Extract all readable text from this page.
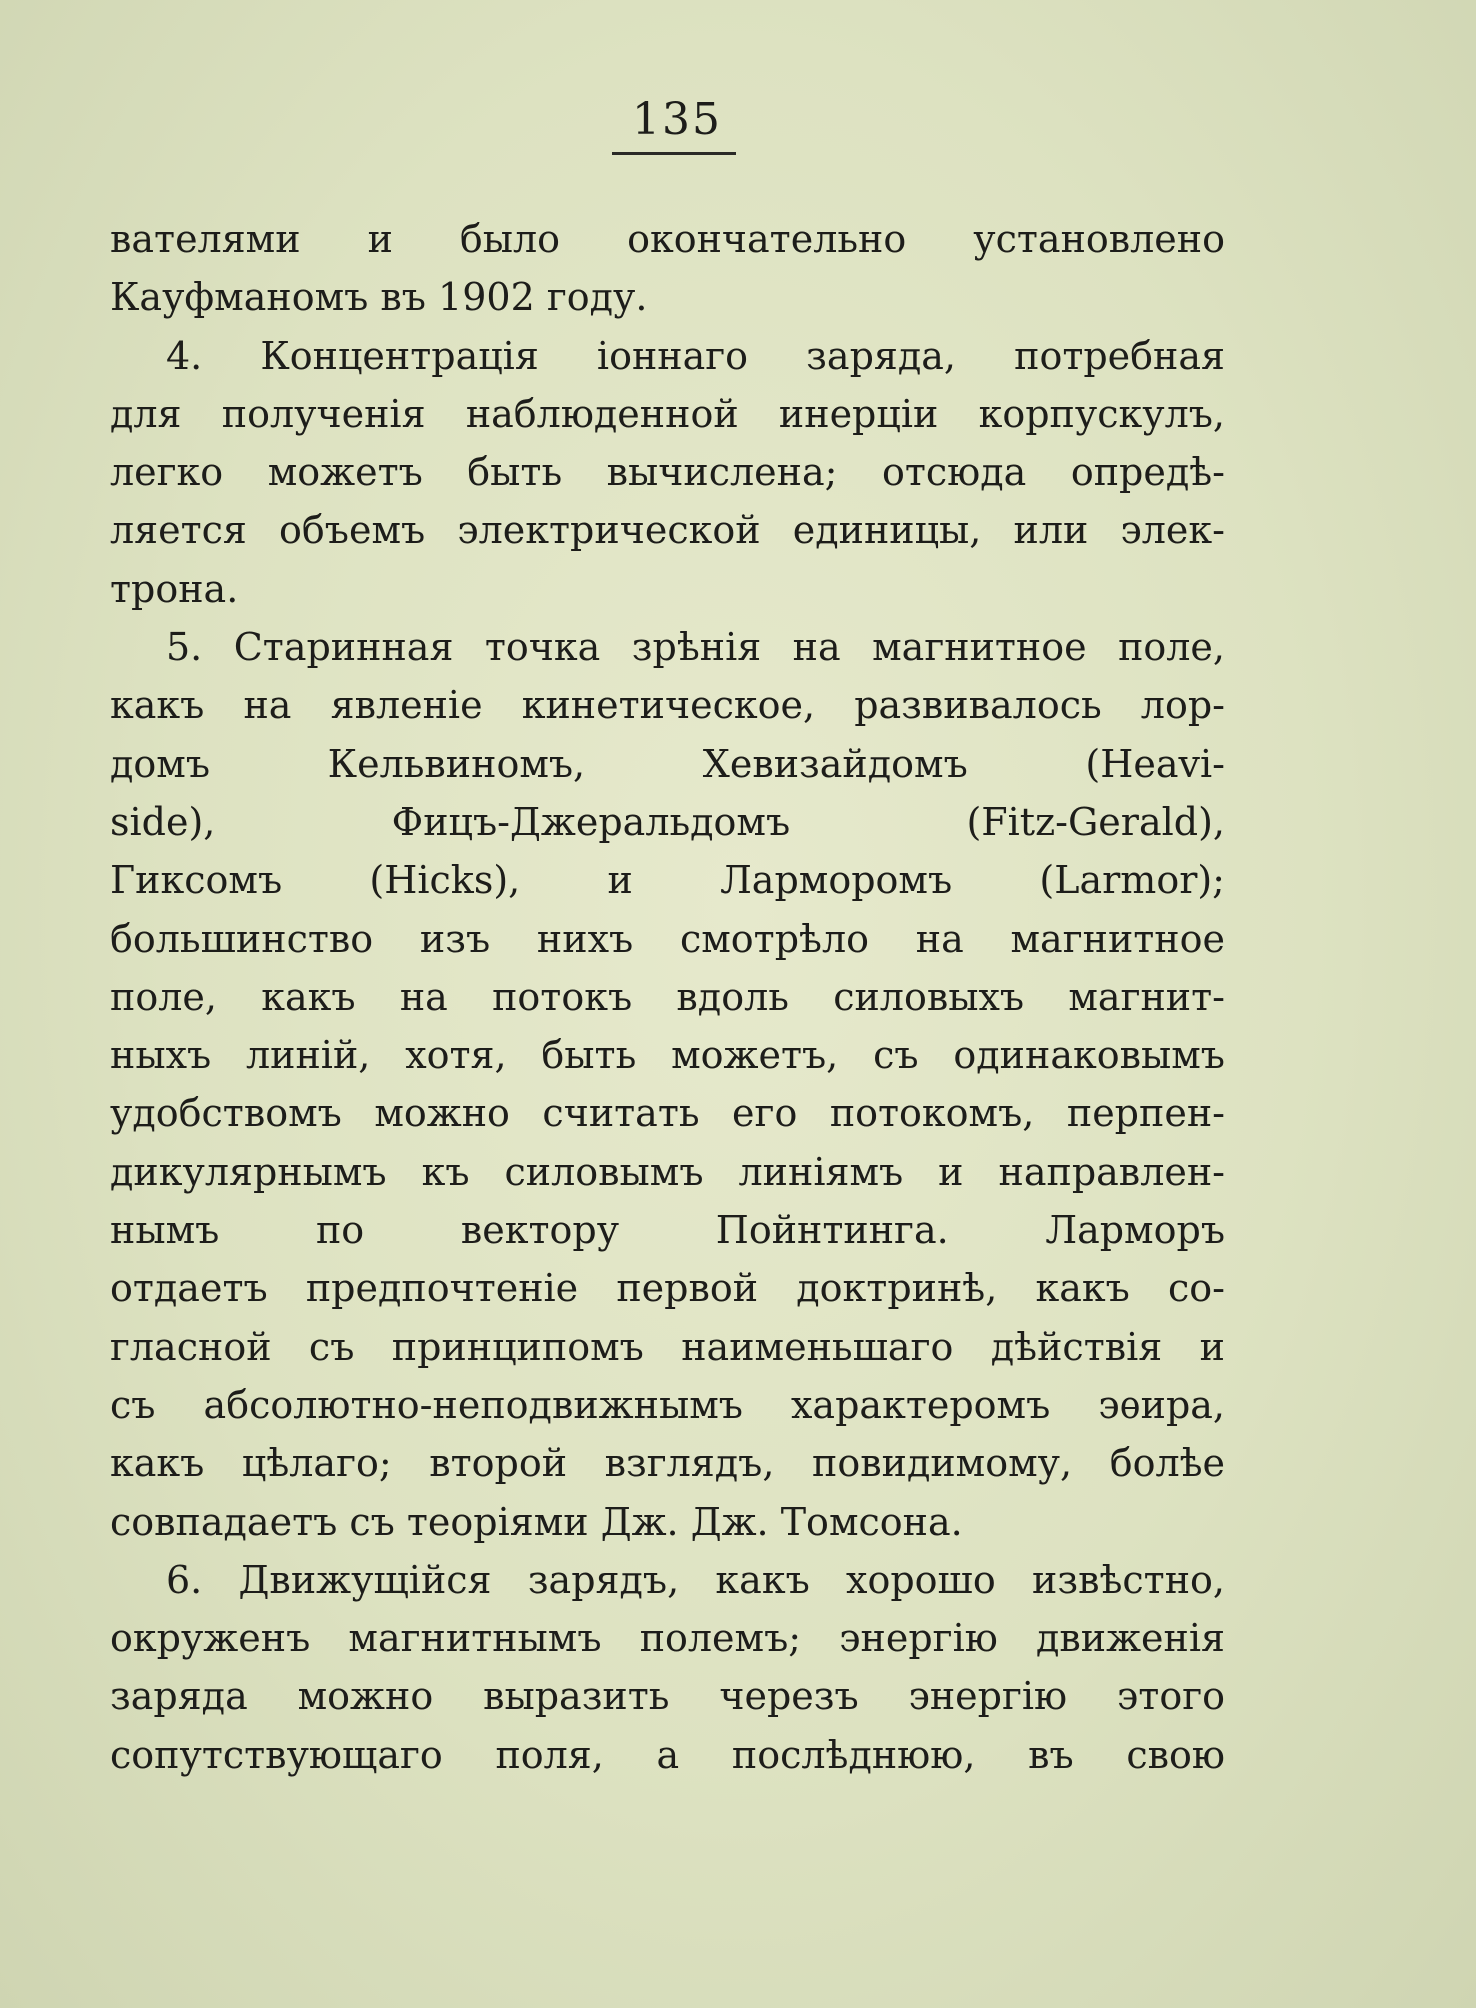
135
вателями и было окончательно установлено
Кауфманомъ въ 1902 году.
4. Концентрація іоннаго заряда, потребная
для полученія наблюденной инерціи корпускулъ,
легко можетъ быть вычислена; отсюда опредѣ-
ляется объемъ электрической единицы, или элек-
трона.
5. Старинная точка зрѣнія на магнитное поле,
какъ на явленіе кинетическое, развивалось лор-
домъ Кельвиномъ, Хевизайдомъ (Heavi-
side), Фицъ-Джеральдомъ (Fitz-Gerald),
Гиксомъ (Hicks), и Ларморомъ (Larmor);
большинство изъ нихъ смотрѣло на магнитное
поле, какъ на потокъ вдоль силовыхъ магнит-
ныхъ линій, хотя, быть можетъ, съ одинаковымъ
удобствомъ можно считать его потокомъ, перпен-
дикулярнымъ къ силовымъ линіямъ и направлен-
нымъ по вектору Пойнтинга. Ларморъ
отдаетъ предпочтеніе первой доктринѣ, какъ со-
гласной съ принципомъ наименьшаго дѣйствія и
съ абсолютно-неподвижнымъ характеромъ эѳира,
какъ цѣлаго; второй взглядъ, повидимому, болѣе
совпадаетъ съ теоріями Дж. Дж. Томсона.
6. Движущійся зарядъ, какъ хорошо извѣстно,
окруженъ магнитнымъ полемъ; энергію движенія
заряда можно выразить черезъ энергію этого
сопутствующаго поля, а послѣднюю, въ свою
